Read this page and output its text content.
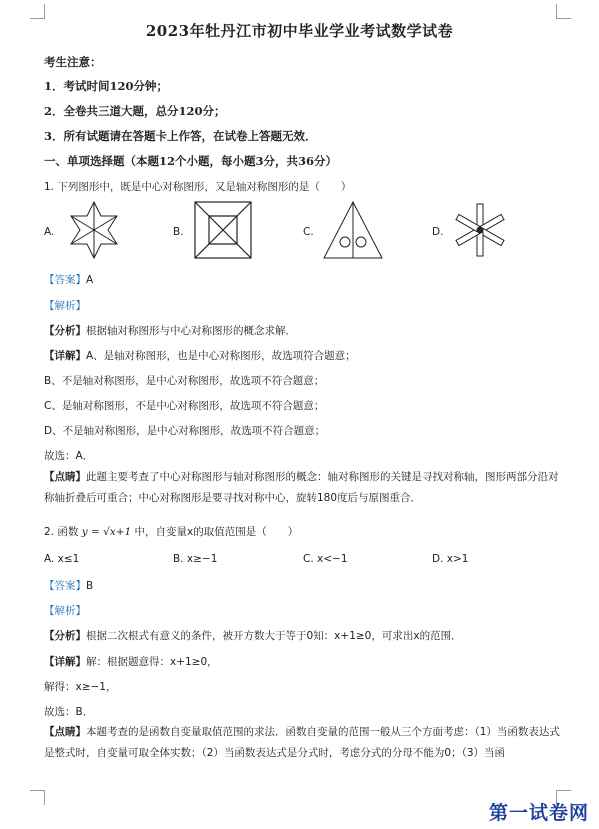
2023年牡丹江市初中毕业学业考试数学试卷
考生注意：
1．考试时间120分钟；
2．全卷共三道大题，总分120分；
3．所有试题请在答题卡上作答，在试卷上答题无效．
一、单项选择题（本题12个小题，每小题3分，共36分）
1. 下列图形中，既是中心对称图形，又是轴对称图形的是（　　）
A.	B.	C.	D.
【答案】A
【解析】
【分析】根据轴对称图形与中心对称图形的概念求解．
【详解】A、是轴对称图形，也是中心对称图形，故选项符合题意；
B、不是轴对称图形，是中心对称图形，故选项不符合题意；
C、是轴对称图形，不是中心对称图形，故选项不符合题意；
D、不是轴对称图形，是中心对称图形，故选项不符合题意；
故选：A．
【点睛】此题主要考查了中心对称图形与轴对称图形的概念：轴对称图形的关键是寻找对称轴，图形两部分沿对称轴折叠后可重合；中心对称图形是要寻找对称中心，旋转180度后与原图重合．
2. 函数 y = √x+1 中，自变量x的取值范围是（　　）
A. x≤1	B. x≥−1	C. x<−1	D. x>1
【答案】B
【解析】
【分析】根据二次根式有意义的条件，被开方数大于等于0知：x+1≥0，可求出x的范围．
【详解】解：根据题意得：x+1≥0，
解得：x≥−1，
故选：B．
【点睛】本题考查的是函数自变量取值范围的求法．函数自变量的范围一般从三个方面考虑：（1）当函数表达式是整式时，自变量可取全体实数；（2）当函数表达式是分式时，考虑分式的分母不能为0；（3）当函
第一试卷网
